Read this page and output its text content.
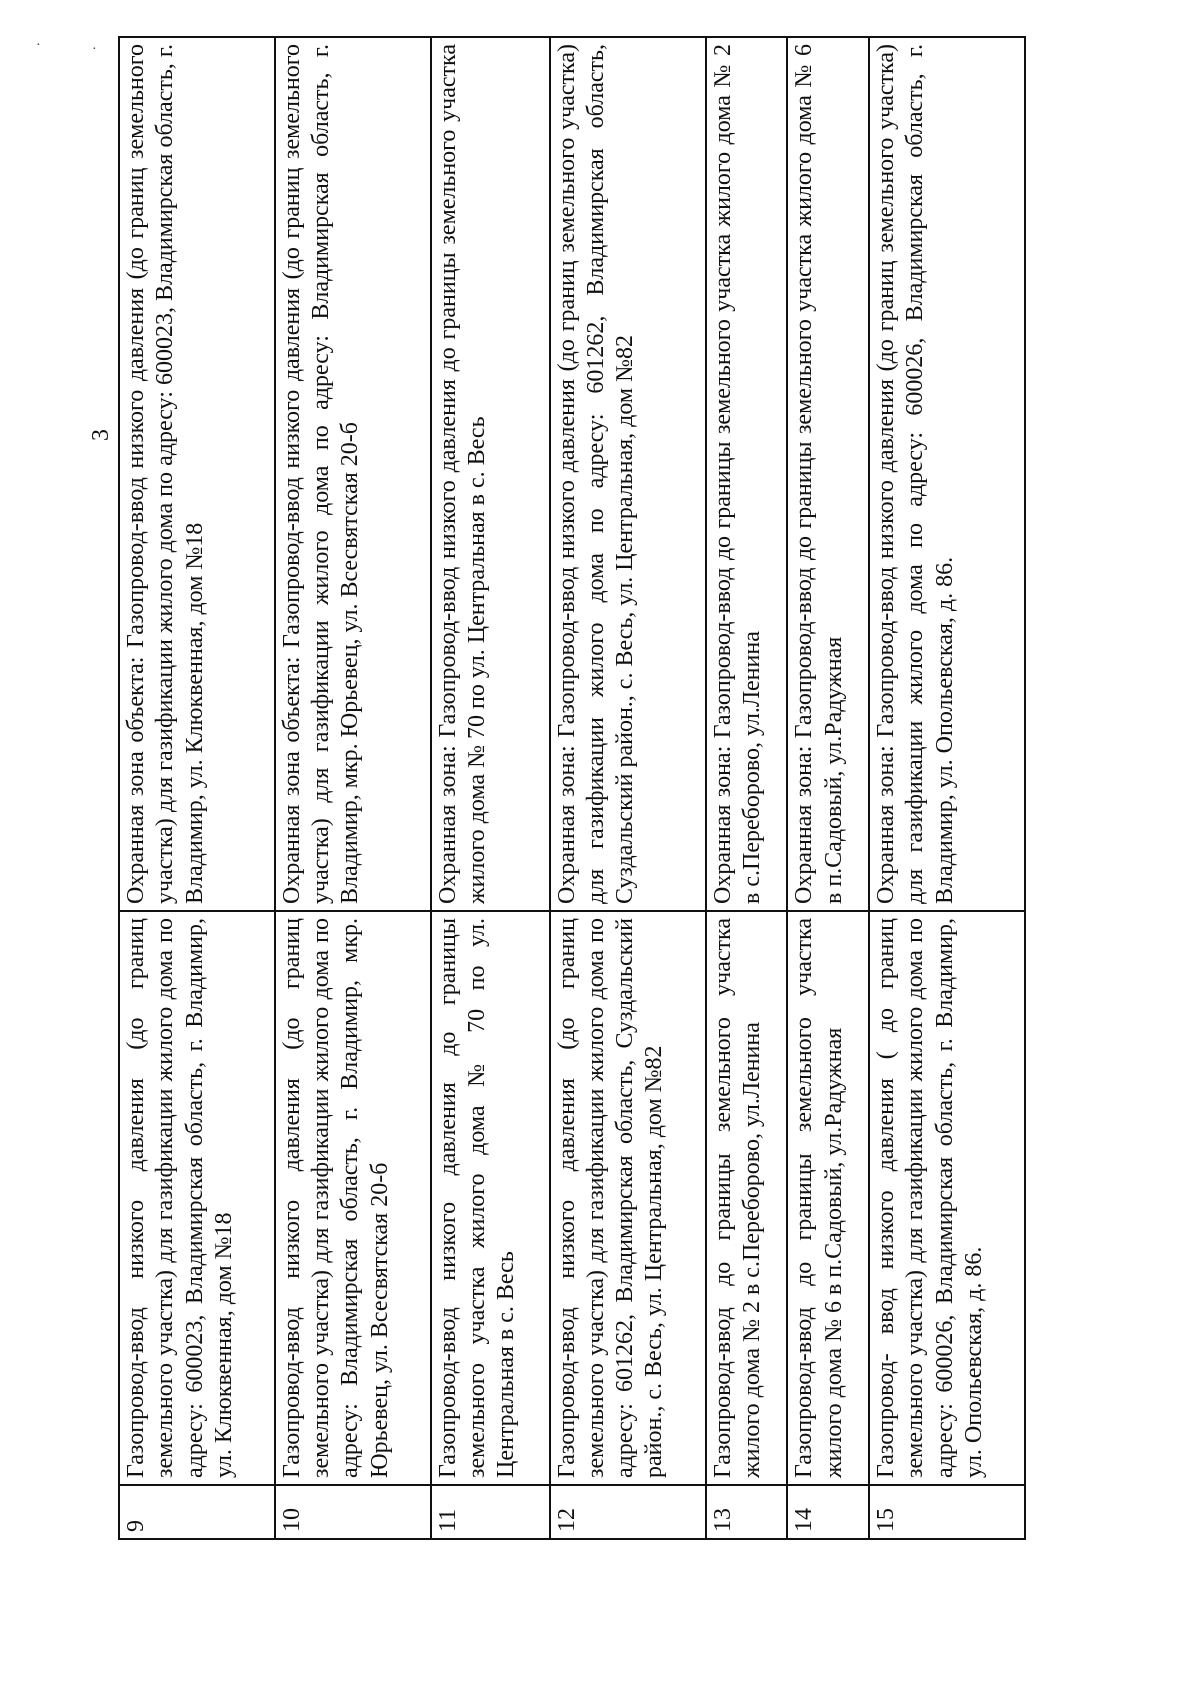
·	·
3
9	Газопровод-ввод низкого давления (до границ земельного участка) для газификации жилого дома по адресу: 600023, Владимирская область, г. Владимир, ул. Клюквенная, дом №18	Охранная зона объекта: Газопровод-ввод низкого давления (до границ земельного участка) для газификации жилого дома по адресу: 600023, Владимирская область, г. Владимир, ул. Клюквенная, дом №18
10	Газопровод-ввод низкого давления (до границ земельного участка) для газификации жилого дома по адресу: Владимирская область, г. Владимир, мкр. Юрьевец, ул. Всесвятская 20-б	Охранная зона объекта: Газопровод-ввод низкого давления (до границ земельного участка) для газификации жилого дома по адресу: Владимирская область, г. Владимир, мкр. Юрьевец, ул. Всесвятская 20-б
11	Газопровод-ввод низкого давления до границы земельного участка жилого дома № 70 по ул. Центральная в с. Весь	Охранная зона: Газопровод-ввод низкого давления до границы земельного участка жилого дома № 70 по ул. Центральная в с. Весь
12	Газопровод-ввод низкого давления (до границ земельного участка) для газификации жилого дома по адресу: 601262, Владимирская область, Суздальский район., с. Весь, ул. Центральная, дом №82	Охранная зона: Газопровод-ввод низкого давления (до границ земельного участка) для газификации жилого дома по адресу: 601262, Владимирская область, Суздальский район., с. Весь, ул. Центральная, дом №82
13	Газопровод-ввод до границы земельного участка жилого дома № 2 в с.Переборово, ул.Ленина	Охранная зона: Газопровод-ввод до границы земельного участка жилого дома № 2 в с.Переборово, ул.Ленина
14	Газопровод-ввод до границы земельного участка жилого дома № 6 в п.Садовый, ул.Радужная	Охранная зона: Газопровод-ввод до границы земельного участка жилого дома № 6 в п.Садовый, ул.Радужная
15	Газопровод- ввод низкого давления ( до границ земельного участка) для газификации жилого дома по адресу: 600026, Владимирская область, г. Владимир, ул. Опольевская, д. 86.	Охранная зона: Газопровод-ввод низкого давления (до границ земельного участка) для газификации жилого дома по адресу: 600026, Владимирская область, г. Владимир, ул. Опольевская, д. 86.
